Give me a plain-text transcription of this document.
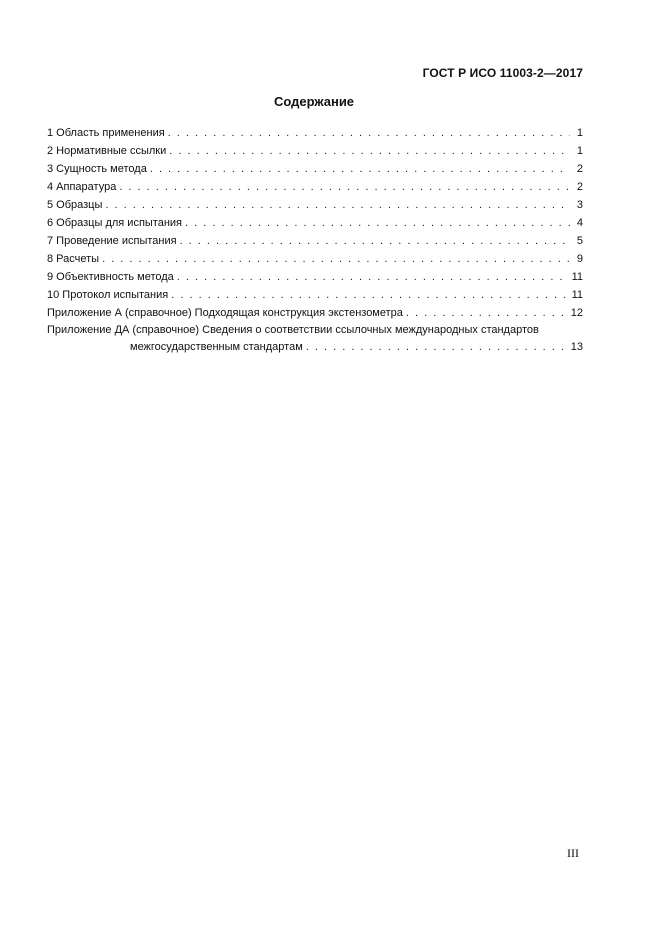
ГОСТ Р ИСО 11003-2—2017
Содержание
1 Область применения . . .	1
2 Нормативные ссылки . . .	1
3 Сущность метода . . .	2
4 Аппаратура . . .	2
5 Образцы . . .	3
6 Образцы для испытания . . .	4
7 Проведение испытания . . .	5
8 Расчеты . . .	9
9 Объективность метода . . .	11
10 Протокол испытания . . .	11
Приложение А (справочное) Подходящая конструкция экстензометра . . .	12
Приложение ДА (справочное) Сведения о соответствии ссылочных международных стандартов
межгосударственным стандартам . . .	13
III
